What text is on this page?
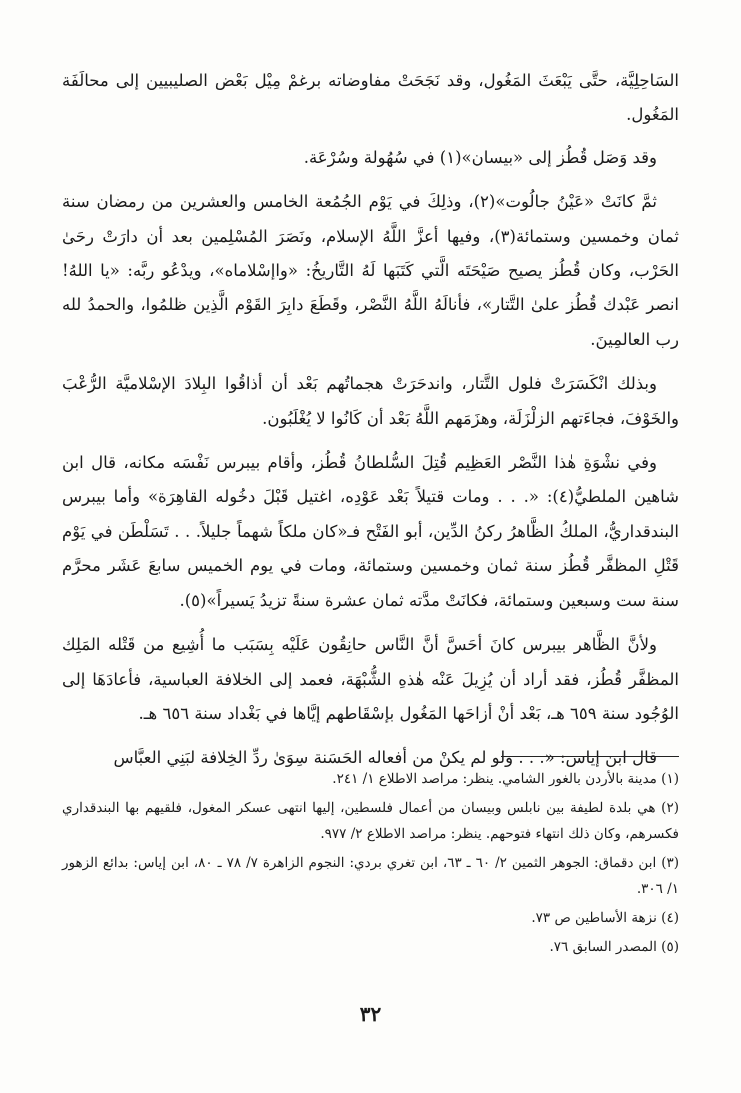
السَاحِلِيَّة، حتَّى يَبْعَثَ المَغُول، وقد نَجَحَتْ مفاوضاته برغمْ مِيْل بَعْض الصليبيين إلى محالَفَة المَغُول.

وقد وَصَل قُطُز إلى «بيسان»(١) في سُهُولة وسُرْعَة.

ثمَّ كانَتْ «عَيْنُ جالُوت»(٢)، وذلِكَ في يَوْم الجُمُعة الخامس والعشرين من رمضان سنة ثمان وخمسين وستمائة(٣)، وفيها أعزَّ اللَّهُ الإسلام، ونَصَرَ المُسْلِمين بعد أن دارَتْ رحَىٰ الحَرْب، وكان قُطُز يصيح صَيْحَتَه الَّتي كَتَبَها لَهُ التَّاريخُ: «واإسْلاماه»، ويدْعُو ربَّه: «يا اللهُ! انصر عَبْدك قُطُز علىٰ التَّتار»، فأنالَهُ اللَّهُ النَّصْر، وقَطَعَ دابِرَ القَوْم الَّذِين ظلمُوا، والحمدُ لله رب العالمِينَ.

وبذلك انْكَسَرَتْ فلول التَّتار، واندحَرَتْ هجماتُهم بَعْد أن أذاقُوا البِلادَ الإسْلاميَّة الرُّعْبَ والخَوْفَ، فجاءَتهم الزلْزَلَة، وهزَمَهم اللَّهُ بَعْد أن كَانُوا لا يُغْلَبُون.

وفي نشْوَةِ هٰذا النَّصْر العَظِيم قُتِلَ السُّلطانُ قُطُز، وأقام بيبرس نَفْسَه مكانه، قال ابن شاهين الملطيُّ(٤): «. . . ومات قتيلاً بَعْد عَوْدِه، اغتيل قَبْلَ دخُوله القاهِرَة» وأما بيبرس البندقداريُّ، الملكُ الظَّاهرُ ركنُ الدِّين، أبو الفَتْح فـ«كان ملكاً شهماً جليلاً. . . تَسَلْطَن في يَوْم قَتْلِ المظفَّر قُطُز سنة ثمان وخمسين وستمائة، ومات في يوم الخميس سابعَ عَشَر محرَّم سنة ست وسبعين وستمائة، فكانَتْ مدَّته ثمان عشرة سنةً تزيدُ يَسيراً»(٥).

ولأنَّ الظَّاهر بيبرس كانَ أحَسَّ أنَّ النَّاس حانِقُون عَلَيْه بِسَبَب ما أُشِيع من قَتْله المَلِك المظفَّر قُطُز، فقد أراد أن يُزِيلَ عَنْه هٰذهِ الشُّبْهَة، فعمد إلى الخلافة العباسية، فأعادَهَا إلى الوُجُود سنة ٦٥٩ هـ، بَعْد أنْ أزاحَها المَغُول بإسْقَاطهم إيَّاها في بَغْداد سنة ٦٥٦ هـ.

قال ابن إياس: «. . . ولو لم يكنْ من أفعاله الحَسَنة سِوَىٰ ردِّ الخِلافة لبَنِي العبَّاس

(١) مدينة بالأردن بالغور الشامي. ينظر: مراصد الاطلاع ١/ ٢٤١.

(٢) هي بلدة لطيفة بين نابلس وبيسان من أعمال فلسطين، إليها انتهى عسكر المغول، فلقيهم بها البندقداري فكسرهم، وكان ذلك انتهاء فتوحهم. ينظر: مراصد الاطلاع ٢/ ٩٧٧.

(٣) ابن دقماق: الجوهر الثمين ٢/ ٦٠ ـ ٦٣، ابن تغري بردي: النجوم الزاهرة ٧/ ٧٨ ـ ٨٠، ابن إياس: بدائع الزهور ١/ ٣٠٦.

(٤) نزهة الأساطين ص ٧٣.

(٥) المصدر السابق ٧٦.

٣٢
